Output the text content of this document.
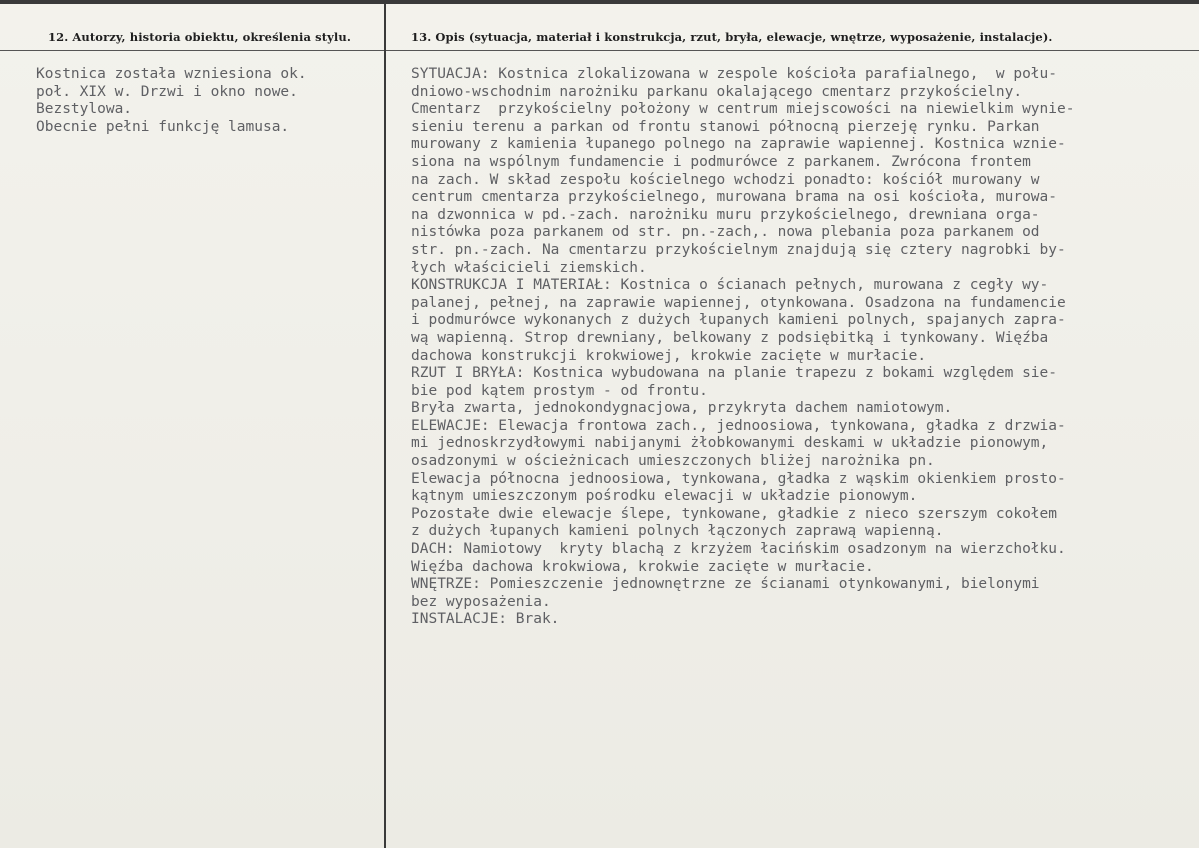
12. Autorzy, historia obiektu, określenia stylu.	13. Opis (sytuacja, materiał i konstrukcja, rzut, bryła, elewacje, wnętrze, wyposażenie, instalacje).
Kostnica została wzniesiona ok.
poł. XIX w. Drzwi i okno nowe.
Bezstylowa.
Obecnie pełni funkcję lamusa.
SYTUACJA: Kostnica zlokalizowana w zespole kościoła parafialnego,  w połu-
dniowo-wschodnim narożniku parkanu okalającego cmentarz przykościelny.
Cmentarz  przykościelny położony w centrum miejscowości na niewielkim wynie-
sieniu terenu a parkan od frontu stanowi północną pierzeję rynku. Parkan
murowany z kamienia łupanego polnego na zaprawie wapiennej. Kostnica wznie-
siona na wspólnym fundamencie i podmurówce z parkanem. Zwrócona frontem
na zach. W skład zespołu kościelnego wchodzi ponadto: kościół murowany w
centrum cmentarza przykościelnego, murowana brama na osi kościoła, murowa-
na dzwonnica w pd.-zach. narożniku muru przykościelnego, drewniana orga-
nistówka poza parkanem od str. pn.-zach,. nowa plebania poza parkanem od
str. pn.-zach. Na cmentarzu przykościelnym znajdują się cztery nagrobki by-
łych właścicieli ziemskich.
KONSTRUKCJA I MATERIAŁ: Kostnica o ścianach pełnych, murowana z cegły wy-
palanej, pełnej, na zaprawie wapiennej, otynkowana. Osadzona na fundamencie
i podmurówce wykonanych z dużych łupanych kamieni polnych, spajanych zapra-
wą wapienną. Strop drewniany, belkowany z podsiębitką i tynkowany. Więźba
dachowa konstrukcji krokwiowej, krokwie zacięte w murłacie.
RZUT I BRYŁA: Kostnica wybudowana na planie trapezu z bokami względem sie-
bie pod kątem prostym - od frontu.
Bryła zwarta, jednokondygnacjowa, przykryta dachem namiotowym.
ELEWACJE: Elewacja frontowa zach., jednoosiowa, tynkowana, gładka z drzwia-
mi jednoskrzydłowymi nabijanymi żłobkowanymi deskami w układzie pionowym,
osadzonymi w ościeżnicach umieszczonych bliżej narożnika pn.
Elewacja północna jednoosiowa, tynkowana, gładka z wąskim okienkiem prosto-
kątnym umieszczonym pośrodku elewacji w układzie pionowym.
Pozostałe dwie elewacje ślepe, tynkowane, gładkie z nieco szerszym cokołem
z dużych łupanych kamieni polnych łączonych zaprawą wapienną.
DACH: Namiotowy  kryty blachą z krzyżem łacińskim osadzonym na wierzchołku.
Więźba dachowa krokwiowa, krokwie zacięte w murłacie.
WNĘTRZE: Pomieszczenie jednownętrzne ze ścianami otynkowanymi, bielonymi
bez wyposażenia.
INSTALACJE: Brak.
